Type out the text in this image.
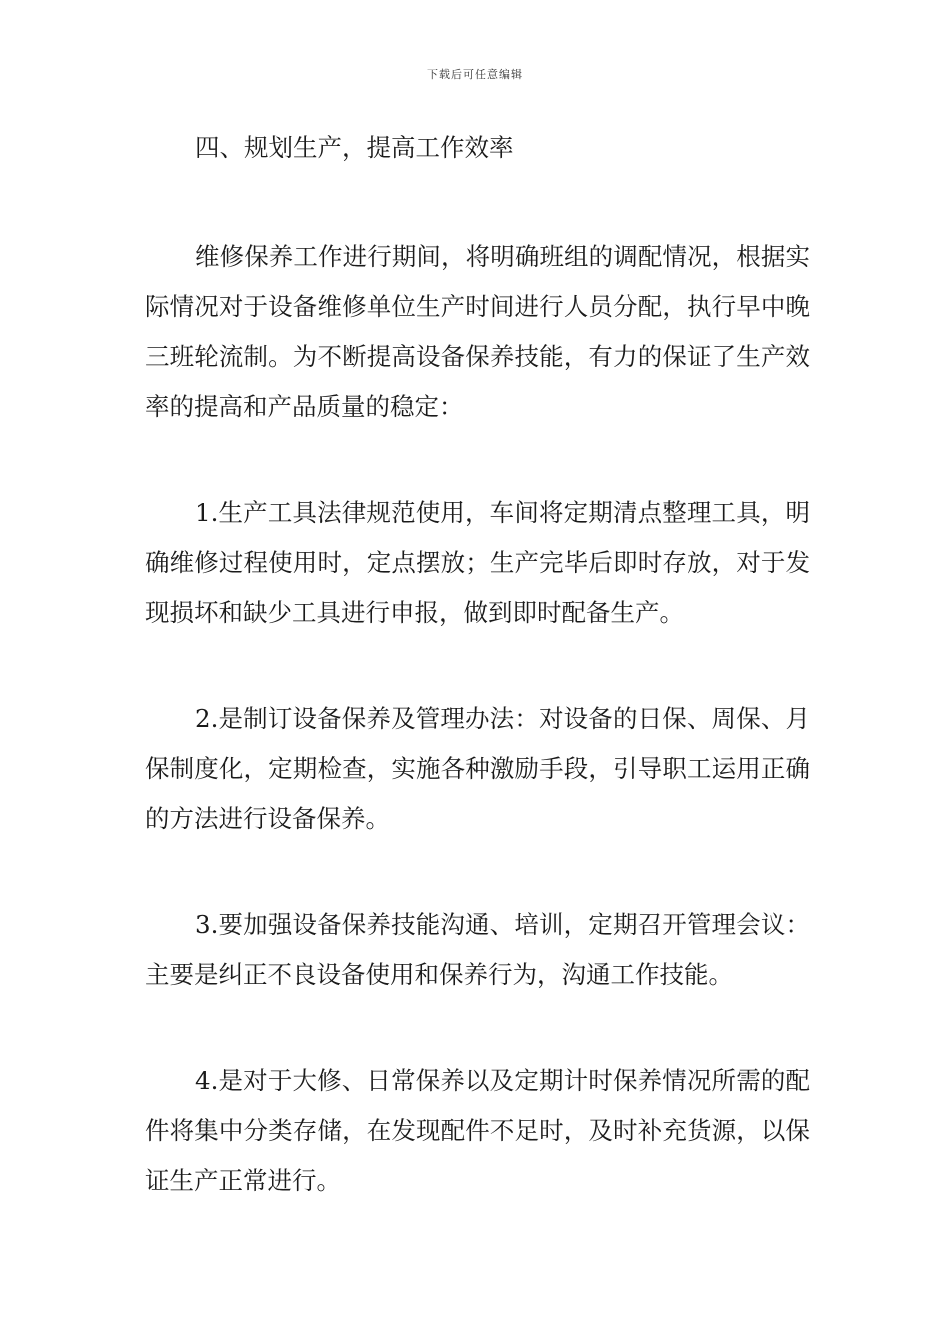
下载后可任意编辑
四、规划生产，提高工作效率

维修保养工作进行期间，将明确班组的调配情况，根据实际情况对于设备维修单位生产时间进行人员分配，执行早中晚三班轮流制。为不断提高设备保养技能，有力的保证了生产效率的提高和产品质量的稳定：

1.生产工具法律规范使用，车间将定期清点整理工具，明确维修过程使用时，定点摆放；生产完毕后即时存放，对于发现损坏和缺少工具进行申报，做到即时配备生产。

2.是制订设备保养及管理办法：对设备的日保、周保、月保制度化，定期检查，实施各种激励手段，引导职工运用正确的方法进行设备保养。

3.要加强设备保养技能沟通、培训，定期召开管理会议：主要是纠正不良设备使用和保养行为，沟通工作技能。

4.是对于大修、日常保养以及定期计时保养情况所需的配件将集中分类存储，在发现配件不足时，及时补充货源，以保证生产正常进行。
